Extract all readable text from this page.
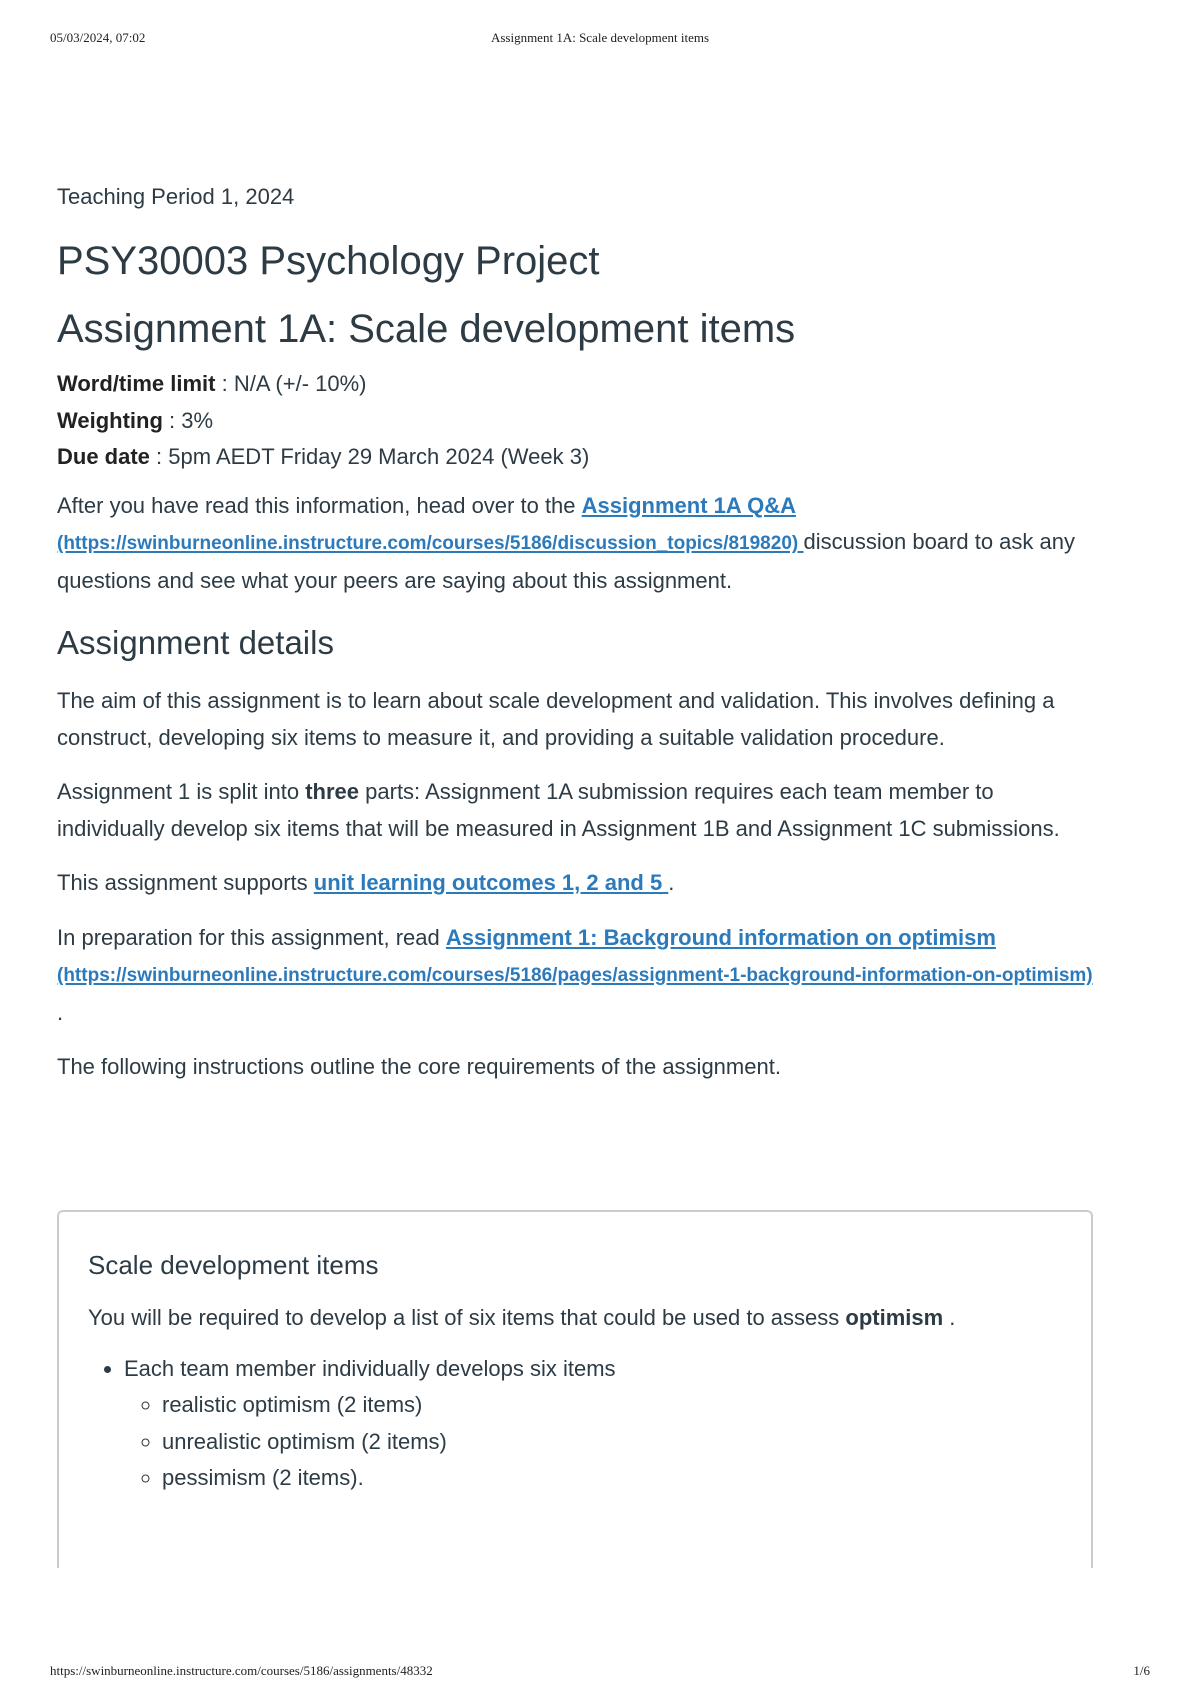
05/03/2024, 07:02	Assignment 1A: Scale development items
Teaching Period 1, 2024
PSY30003 Psychology Project
Assignment 1A: Scale development items
Word/time limit : N/A (+/- 10%)
Weighting : 3%
Due date : 5pm AEDT Friday 29 March 2024 (Week 3)

After you have read this information, head over to the Assignment 1A Q&A
(https://swinburneonline.instructure.com/courses/5186/discussion_topics/819820) discussion board to ask any questions and see what your peers are saying about this assignment.

Assignment details

The aim of this assignment is to learn about scale development and validation. This involves defining a construct, developing six items to measure it, and providing a suitable validation procedure.

Assignment 1 is split into three parts: Assignment 1A submission requires each team member to individually develop six items that will be measured in Assignment 1B and Assignment 1C submissions.

This assignment supports unit learning outcomes 1, 2 and 5 .

In preparation for this assignment, read Assignment 1: Background information on optimism
(https://swinburneonline.instructure.com/courses/5186/pages/assignment-1-background-information-on-optimism) .

The following instructions outline the core requirements of the assignment.

Scale development items

You will be required to develop a list of six items that could be used to assess optimism .

• Each team member individually develops six items
◦ realistic optimism (2 items)
◦ unrealistic optimism (2 items)
◦ pessimism (2 items).
https://swinburneonline.instructure.com/courses/5186/assignments/48332	1/6
